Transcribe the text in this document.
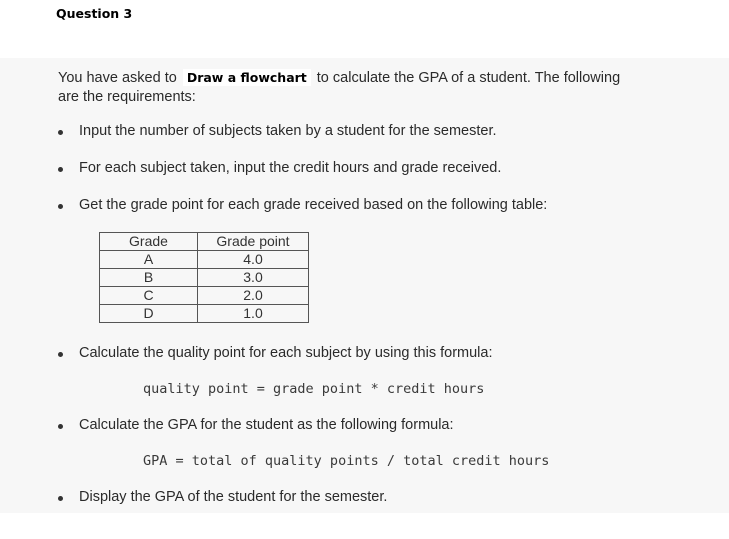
Question 3
You have asked to Draw a flowchart to calculate the GPA of a student. The following
are the requirements:
Input the number of subjects taken by a student for the semester.
For each subject taken, input the credit hours and grade received.
Get the grade point for each grade received based on the following table:
Grade	Grade point
A	4.0
B	3.0
C	2.0
D	1.0
Calculate the quality point for each subject by using this formula:
quality point = grade point * credit hours
Calculate the GPA for the student as the following formula:
GPA = total of quality points / total credit hours
Display the GPA of the student for the semester.
